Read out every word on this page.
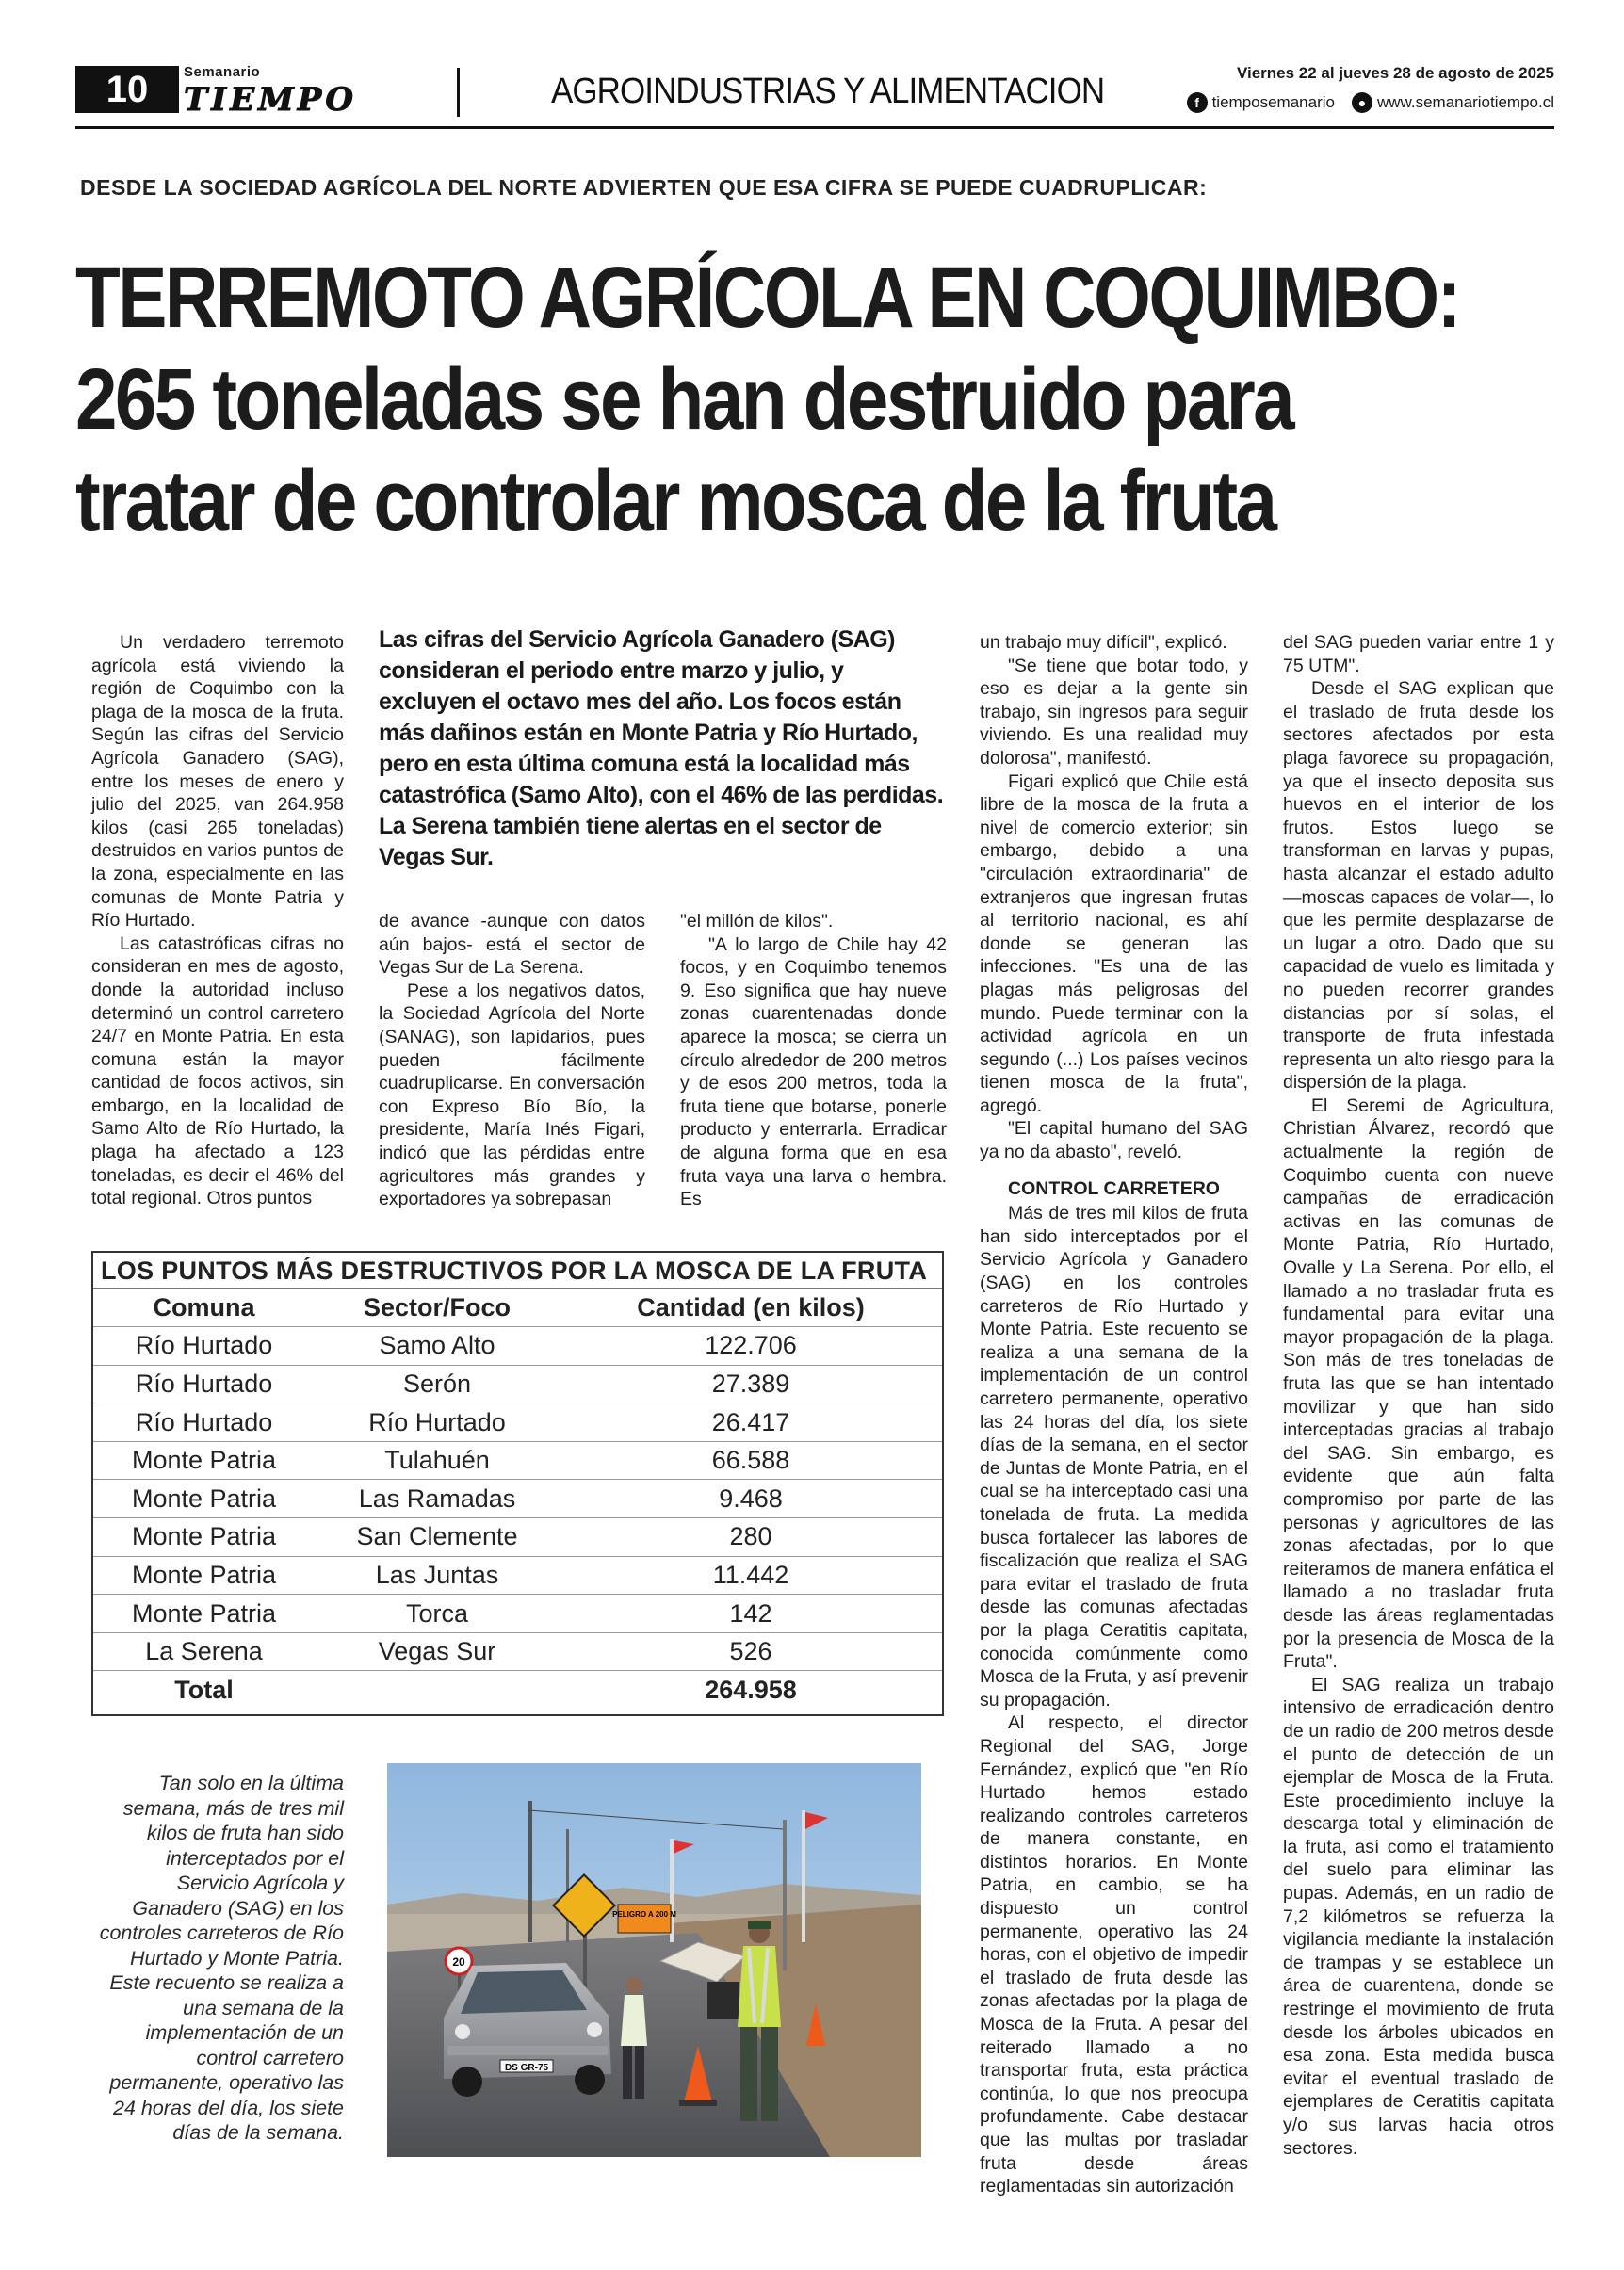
10	Semanario
TIEMPO	AGROINDUSTRIAS Y ALIMENTACION	Viernes 22 al jueves 28 de agosto de 2025
f tiemposemanario	● www.semanariotiempo.cl
DESDE LA SOCIEDAD AGRÍCOLA DEL NORTE ADVIERTEN QUE ESA CIFRA SE PUEDE CUADRUPLICAR:
TERREMOTO AGRÍCOLA EN COQUIMBO:
265 toneladas se han destruido para
tratar de controlar mosca de la fruta
Las cifras del Servicio Agrícola Ganadero (SAG) consideran el periodo entre marzo y julio, y excluyen el octavo mes del año. Los focos están más dañinos están en Monte Patria y Río Hurtado, pero en esta última comuna está la localidad más catastrófica (Samo Alto), con el 46% de las perdidas. La Serena también tiene alertas en el sector de Vegas Sur.

Un verdadero terremoto agrícola está viviendo la región de Coquimbo con la plaga de la mosca de la fruta. Según las cifras del Servicio Agrícola Ganadero (SAG), entre los meses de enero y julio del 2025, van 264.958 kilos (casi 265 toneladas) destruidos en varios puntos de la zona, especialmente en las comunas de Monte Patria y Río Hurtado.

Las catastróficas cifras no consideran en mes de agosto, donde la autoridad incluso determinó un control carretero 24/7 en Monte Patria. En esta comuna están la mayor cantidad de focos activos, sin embargo, en la localidad de Samo Alto de Río Hurtado, la plaga ha afectado a 123 toneladas, es decir el 46% del total regional. Otros puntos

de avance -aunque con datos aún bajos- está el sector de Vegas Sur de La Serena.

Pese a los negativos datos, la Sociedad Agrícola del Norte (SANAG), son lapidarios, pues pueden fácilmente cuadruplicarse. En conversación con Expreso Bío Bío, la presidente, María Inés Figari, indicó que las pérdidas entre agricultores más grandes y exportadores ya sobrepasan

"el millón de kilos".

"A lo largo de Chile hay 42 focos, y en Coquimbo tenemos 9. Eso significa que hay nueve zonas cuarentenadas donde aparece la mosca; se cierra un círculo alrededor de 200 metros y de esos 200 metros, toda la fruta tiene que botarse, ponerle producto y enterrarla. Erradicar de alguna forma que en esa fruta vaya una larva o hembra. Es

un trabajo muy difícil", explicó.

"Se tiene que botar todo, y eso es dejar a la gente sin trabajo, sin ingresos para seguir viviendo. Es una realidad muy dolorosa", manifestó.

Figari explicó que Chile está libre de la mosca de la fruta a nivel de comercio exterior; sin embargo, debido a una "circulación extraordinaria" de extranjeros que ingresan frutas al territorio nacional, es ahí donde se generan las infecciones. "Es una de las plagas más peligrosas del mundo. Puede terminar con la actividad agrícola en un segundo (...) Los países vecinos tienen mosca de la fruta", agregó.

"El capital humano del SAG ya no da abasto", reveló.

CONTROL CARRETERO

Más de tres mil kilos de fruta han sido interceptados por el Servicio Agrícola y Ganadero (SAG) en los controles carreteros de Río Hurtado y Monte Patria. Este recuento se realiza a una semana de la implementación de un control carretero permanente, operativo las 24 horas del día, los siete días de la semana, en el sector de Juntas de Monte Patria, en el cual se ha interceptado casi una tonelada de fruta. La medida busca fortalecer las labores de fiscalización que realiza el SAG para evitar el traslado de fruta desde las comunas afectadas por la plaga Ceratitis capitata, conocida comúnmente como Mosca de la Fruta, y así prevenir su propagación.

Al respecto, el director Regional del SAG, Jorge Fernández, explicó que "en Río Hurtado hemos estado realizando controles carreteros de manera constante, en distintos horarios. En Monte Patria, en cambio, se ha dispuesto un control permanente, operativo las 24 horas, con el objetivo de impedir el traslado de fruta desde las zonas afectadas por la plaga de Mosca de la Fruta. A pesar del reiterado llamado a no transportar fruta, esta práctica continúa, lo que nos preocupa profundamente. Cabe destacar que las multas por trasladar fruta desde áreas reglamentadas sin autorización

del SAG pueden variar entre 1 y 75 UTM".

Desde el SAG explican que el traslado de fruta desde los sectores afectados por esta plaga favorece su propagación, ya que el insecto deposita sus huevos en el interior de los frutos. Estos luego se transforman en larvas y pupas, hasta alcanzar el estado adulto —moscas capaces de volar—, lo que les permite desplazarse de un lugar a otro. Dado que su capacidad de vuelo es limitada y no pueden recorrer grandes distancias por sí solas, el transporte de fruta infestada representa un alto riesgo para la dispersión de la plaga.

El Seremi de Agricultura, Christian Álvarez, recordó que actualmente la región de Coquimbo cuenta con nueve campañas de erradicación activas en las comunas de Monte Patria, Río Hurtado, Ovalle y La Serena. Por ello, el llamado a no trasladar fruta es fundamental para evitar una mayor propagación de la plaga. Son más de tres toneladas de fruta las que se han intentado movilizar y que han sido interceptadas gracias al trabajo del SAG. Sin embargo, es evidente que aún falta compromiso por parte de las personas y agricultores de las zonas afectadas, por lo que reiteramos de manera enfática el llamado a no trasladar fruta desde las áreas reglamentadas por la presencia de Mosca de la Fruta".

El SAG realiza un trabajo intensivo de erradicación dentro de un radio de 200 metros desde el punto de detección de un ejemplar de Mosca de la Fruta. Este procedimiento incluye la descarga total y eliminación de la fruta, así como el tratamiento del suelo para eliminar las pupas. Además, en un radio de 7,2 kilómetros se refuerza la vigilancia mediante la instalación de trampas y se establece un área de cuarentena, donde se restringe el movimiento de fruta desde los árboles ubicados en esa zona. Esta medida busca evitar el eventual traslado de ejemplares de Ceratitis capitata y/o sus larvas hacia otros sectores.

LOS PUNTOS MÁS DESTRUCTIVOS POR LA MOSCA DE LA FRUTA
Comuna	Sector/Foco	Cantidad (en kilos)
Río Hurtado	Samo Alto	122.706
Río Hurtado	Serón	27.389
Río Hurtado	Río Hurtado	26.417
Monte Patria	Tulahuén	66.588
Monte Patria	Las Ramadas	9.468
Monte Patria	San Clemente	280
Monte Patria	Las Juntas	11.442
Monte Patria	Torca	142
La Serena	Vegas Sur	526
Total		264.958
Tan solo en la última semana, más de tres mil kilos de fruta han sido interceptados por el Servicio Agrícola y Ganadero (SAG) en los controles carreteros de Río Hurtado y Monte Patria. Este recuento se realiza a una semana de la implementación de un control carretero permanente, operativo las 24 horas del día, los siete días de la semana.
20
PELIGRO A 200 M
DS GR-75
